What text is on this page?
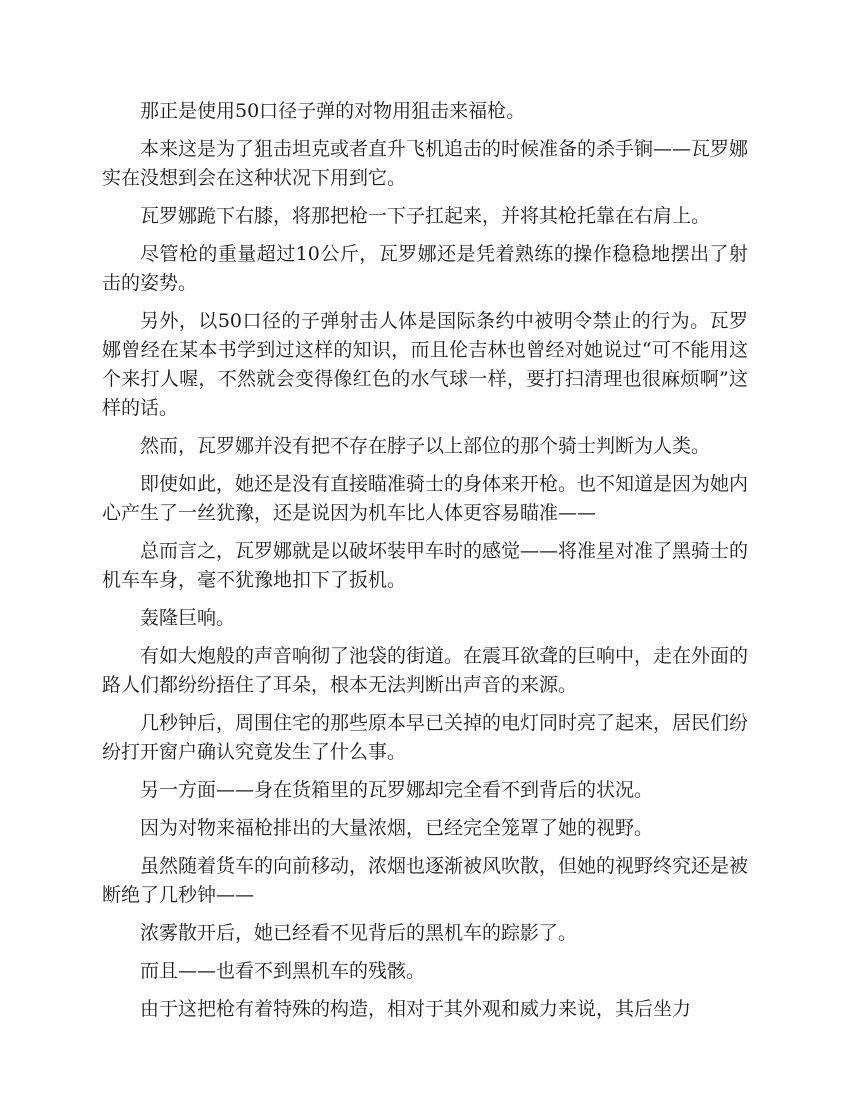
那正是使用50口径子弹的对物用狙击来福枪。

本来这是为了狙击坦克或者直升飞机追击的时候准备的杀手锏——瓦罗娜实在没想到会在这种状况下用到它。

瓦罗娜跪下右膝，将那把枪一下子扛起来，并将其枪托靠在右肩上。

尽管枪的重量超过10公斤，瓦罗娜还是凭着熟练的操作稳稳地摆出了射击的姿势。

另外，以50口径的子弹射击人体是国际条约中被明令禁止的行为。瓦罗娜曾经在某本书学到过这样的知识，而且伦吉林也曾经对她说过“可不能用这个来打人喔，不然就会变得像红色的水气球一样，要打扫清理也很麻烦啊”这样的话。

然而，瓦罗娜并没有把不存在脖子以上部位的那个骑士判断为人类。

即使如此，她还是没有直接瞄准骑士的身体来开枪。也不知道是因为她内心产生了一丝犹豫，还是说因为机车比人体更容易瞄准——

总而言之，瓦罗娜就是以破坏装甲车时的感觉——将准星对准了黑骑士的机车车身，毫不犹豫地扣下了扳机。

轰隆巨响。

有如大炮般的声音响彻了池袋的街道。在震耳欲聋的巨响中，走在外面的路人们都纷纷捂住了耳朵，根本无法判断出声音的来源。

几秒钟后，周围住宅的那些原本早已关掉的电灯同时亮了起来，居民们纷纷打开窗户确认究竟发生了什么事。

另一方面——身在货箱里的瓦罗娜却完全看不到背后的状况。

因为对物来福枪排出的大量浓烟，已经完全笼罩了她的视野。

虽然随着货车的向前移动，浓烟也逐渐被风吹散，但她的视野终究还是被断绝了几秒钟——

浓雾散开后，她已经看不见背后的黑机车的踪影了。

而且——也看不到黑机车的残骸。

由于这把枪有着特殊的构造，相对于其外观和威力来说，其后坐力
